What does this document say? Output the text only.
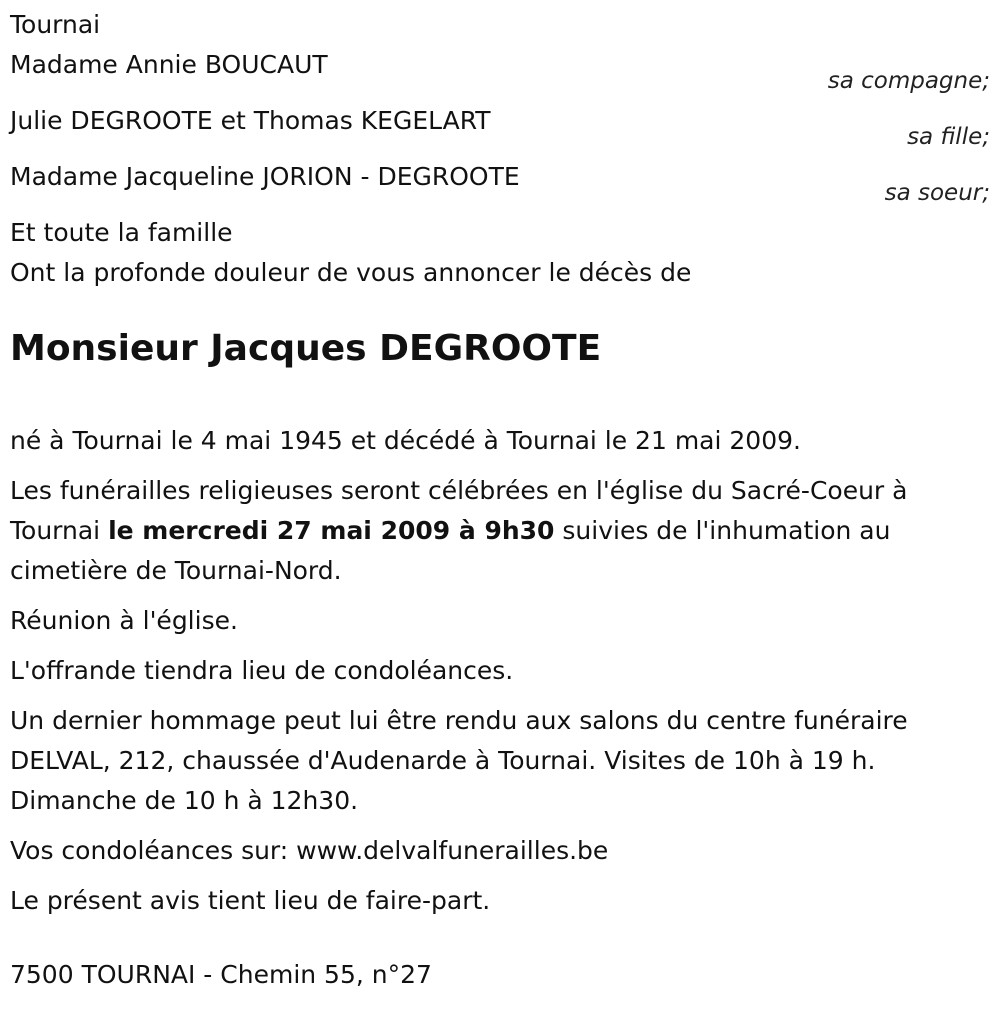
Tournai
Madame Annie BOUCAUT
sa compagne;
Julie DEGROOTE et Thomas KEGELART
sa fille;
Madame Jacqueline JORION - DEGROOTE
sa soeur;
Et toute la famille
Ont la profonde douleur de vous annoncer le décès de
Monsieur Jacques DEGROOTE
né à Tournai le 4 mai 1945 et décédé à Tournai le 21 mai 2009.
Les funérailles religieuses seront célébrées en l'église du Sacré-Coeur à Tournai le mercredi 27 mai 2009 à 9h30 suivies de l'inhumation au cimetière de Tournai-Nord.
Réunion à l'église.
L'offrande tiendra lieu de condoléances.
Un dernier hommage peut lui être rendu aux salons du centre funéraire DELVAL, 212, chaussée d'Audenarde à Tournai. Visites de 10h à 19 h. Dimanche de 10 h à 12h30.
Vos condoléances sur: www.delvalfunerailles.be
Le présent avis tient lieu de faire-part.
7500 TOURNAI - Chemin 55, n°27
